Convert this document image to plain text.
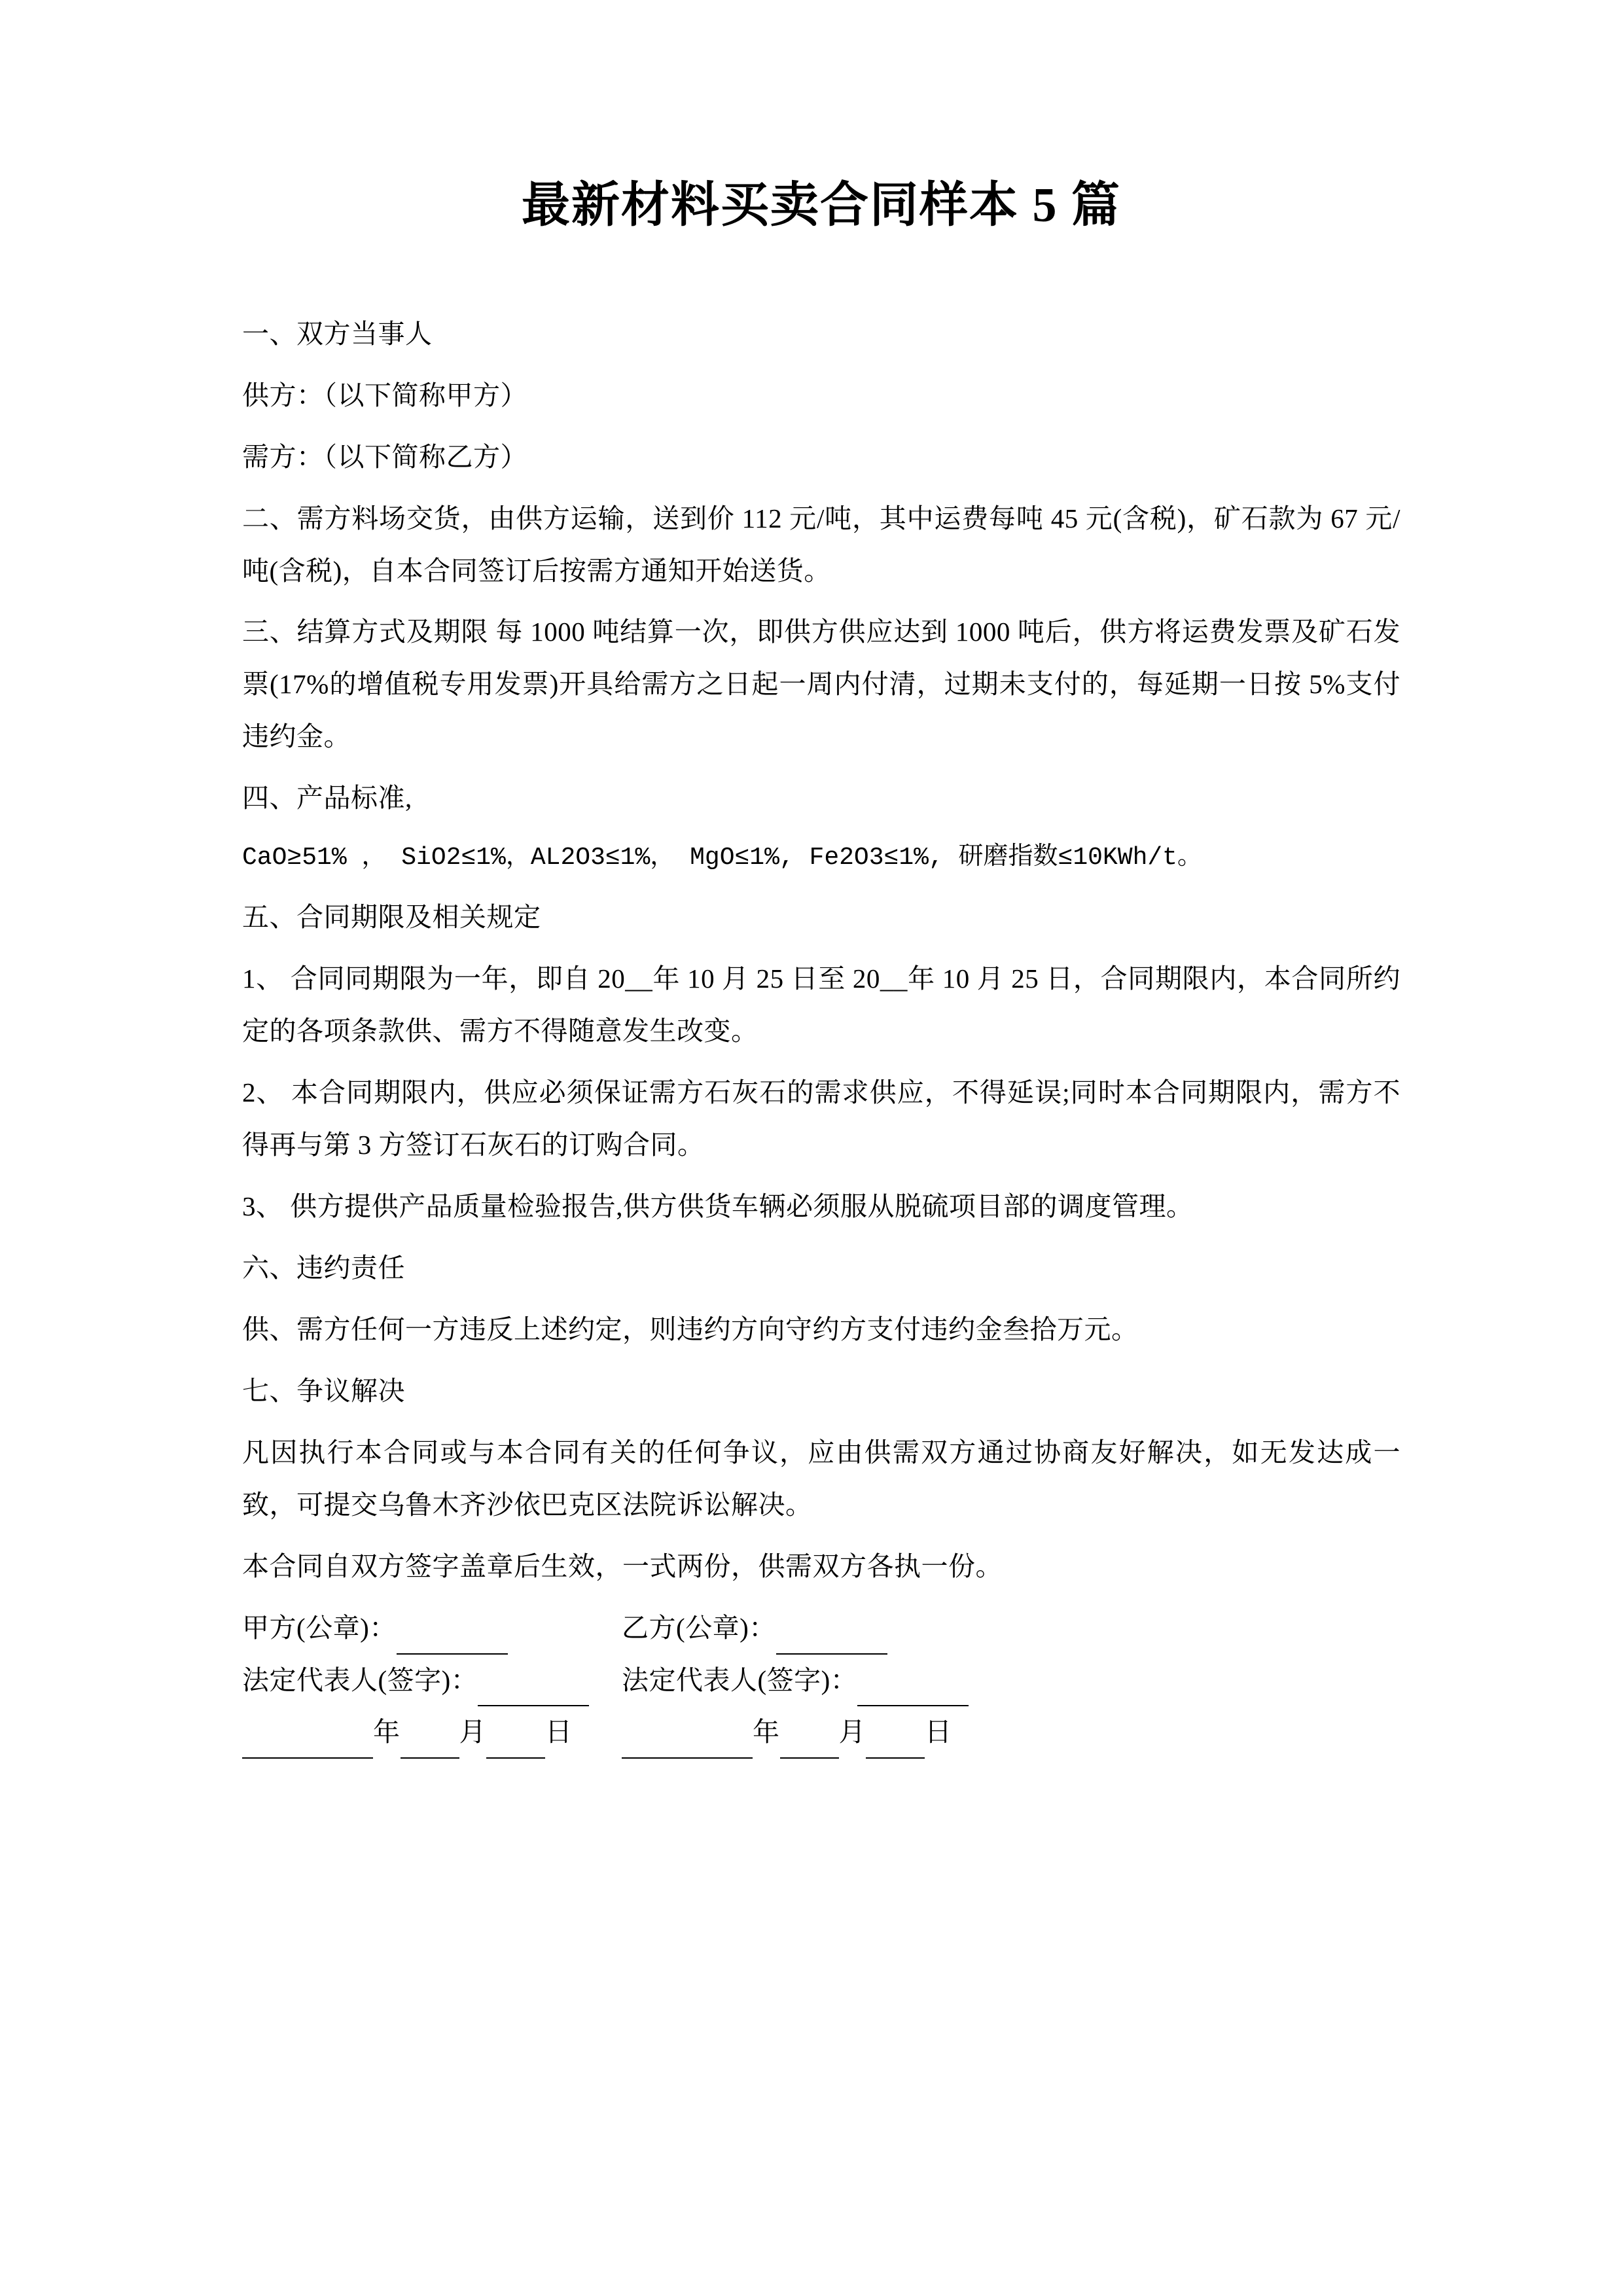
最新材料买卖合同样本 5 篇

一、双方当事人

供方：（以下简称甲方）

需方：（以下简称乙方）

二、需方料场交货，由供方运输，送到价 112 元/吨，其中运费每吨 45 元(含税)，矿石款为 67 元/吨(含税)，自本合同签订后按需方通知开始送货。

三、结算方式及期限 每 1000 吨结算一次，即供方供应达到 1000 吨后，供方将运费发票及矿石发票(17%的增值税专用发票)开具给需方之日起一周内付清，过期未支付的，每延期一日按 5%支付违约金。

四、产品标准,

CaO≥51% ， SiO2≤1%，AL2O3≤1%， MgO≤1%, Fe2O3≤1%, 研磨指数≤10KWh/t。

五、合同期限及相关规定

1、 合同同期限为一年，即自 20__年 10 月 25 日至 20__年 10 月 25 日，合同期限内，本合同所约定的各项条款供、需方不得随意发生改变。

2、 本合同期限内，供应必须保证需方石灰石的需求供应，不得延误;同时本合同期限内，需方不得再与第 3 方签订石灰石的订购合同。

3、 供方提供产品质量检验报告,供方供货车辆必须服从脱硫项目部的调度管理。

六、违约责任

供、需方任何一方违反上述约定，则违约方向守约方支付违约金叁拾万元。

七、争议解决

凡因执行本合同或与本合同有关的任何争议，应由供需双方通过协商友好解决，如无发达成一致，可提交乌鲁木齐沙依巴克区法院诉讼解决。

本合同自双方签字盖章后生效，一式两份，供需双方各执一份。

甲方(公章)：	乙方(公章)：
法定代表人(签字)：	法定代表人(签字)：
年 月 日	年 月 日
